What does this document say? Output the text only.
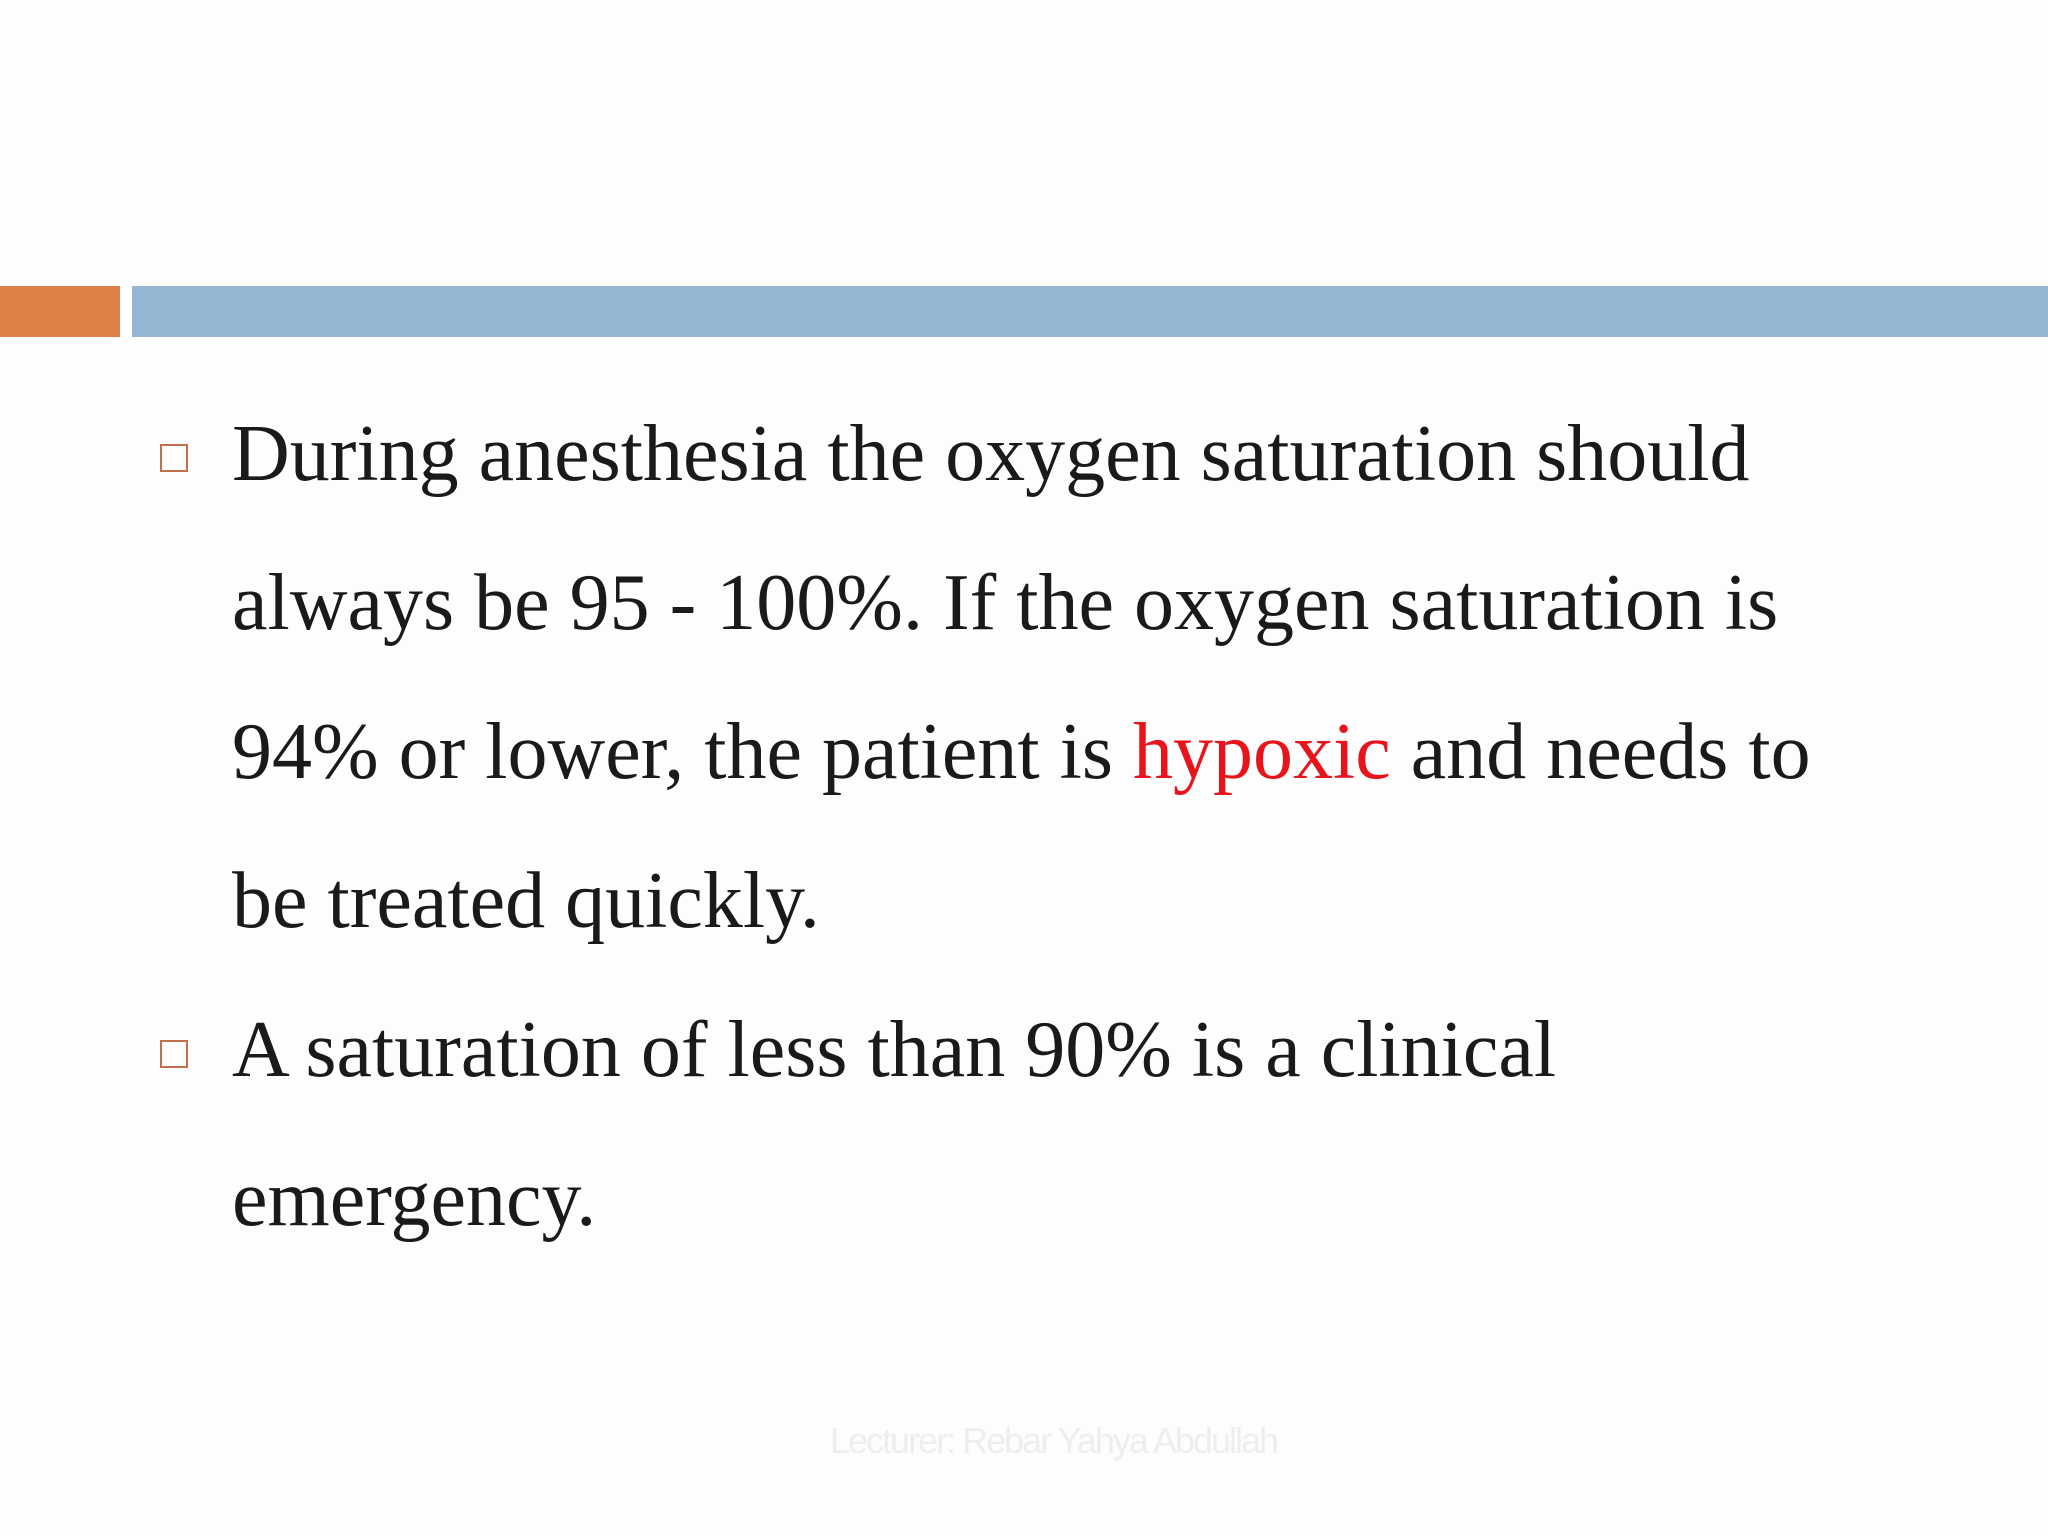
During anesthesia the oxygen saturation should always be 95 - 100%. If the oxygen saturation is 94% or lower, the patient is hypoxic and needs to be treated quickly.
A saturation of less than 90% is a clinical emergency.
Lecturer: Rebar Yahya Abdullah
